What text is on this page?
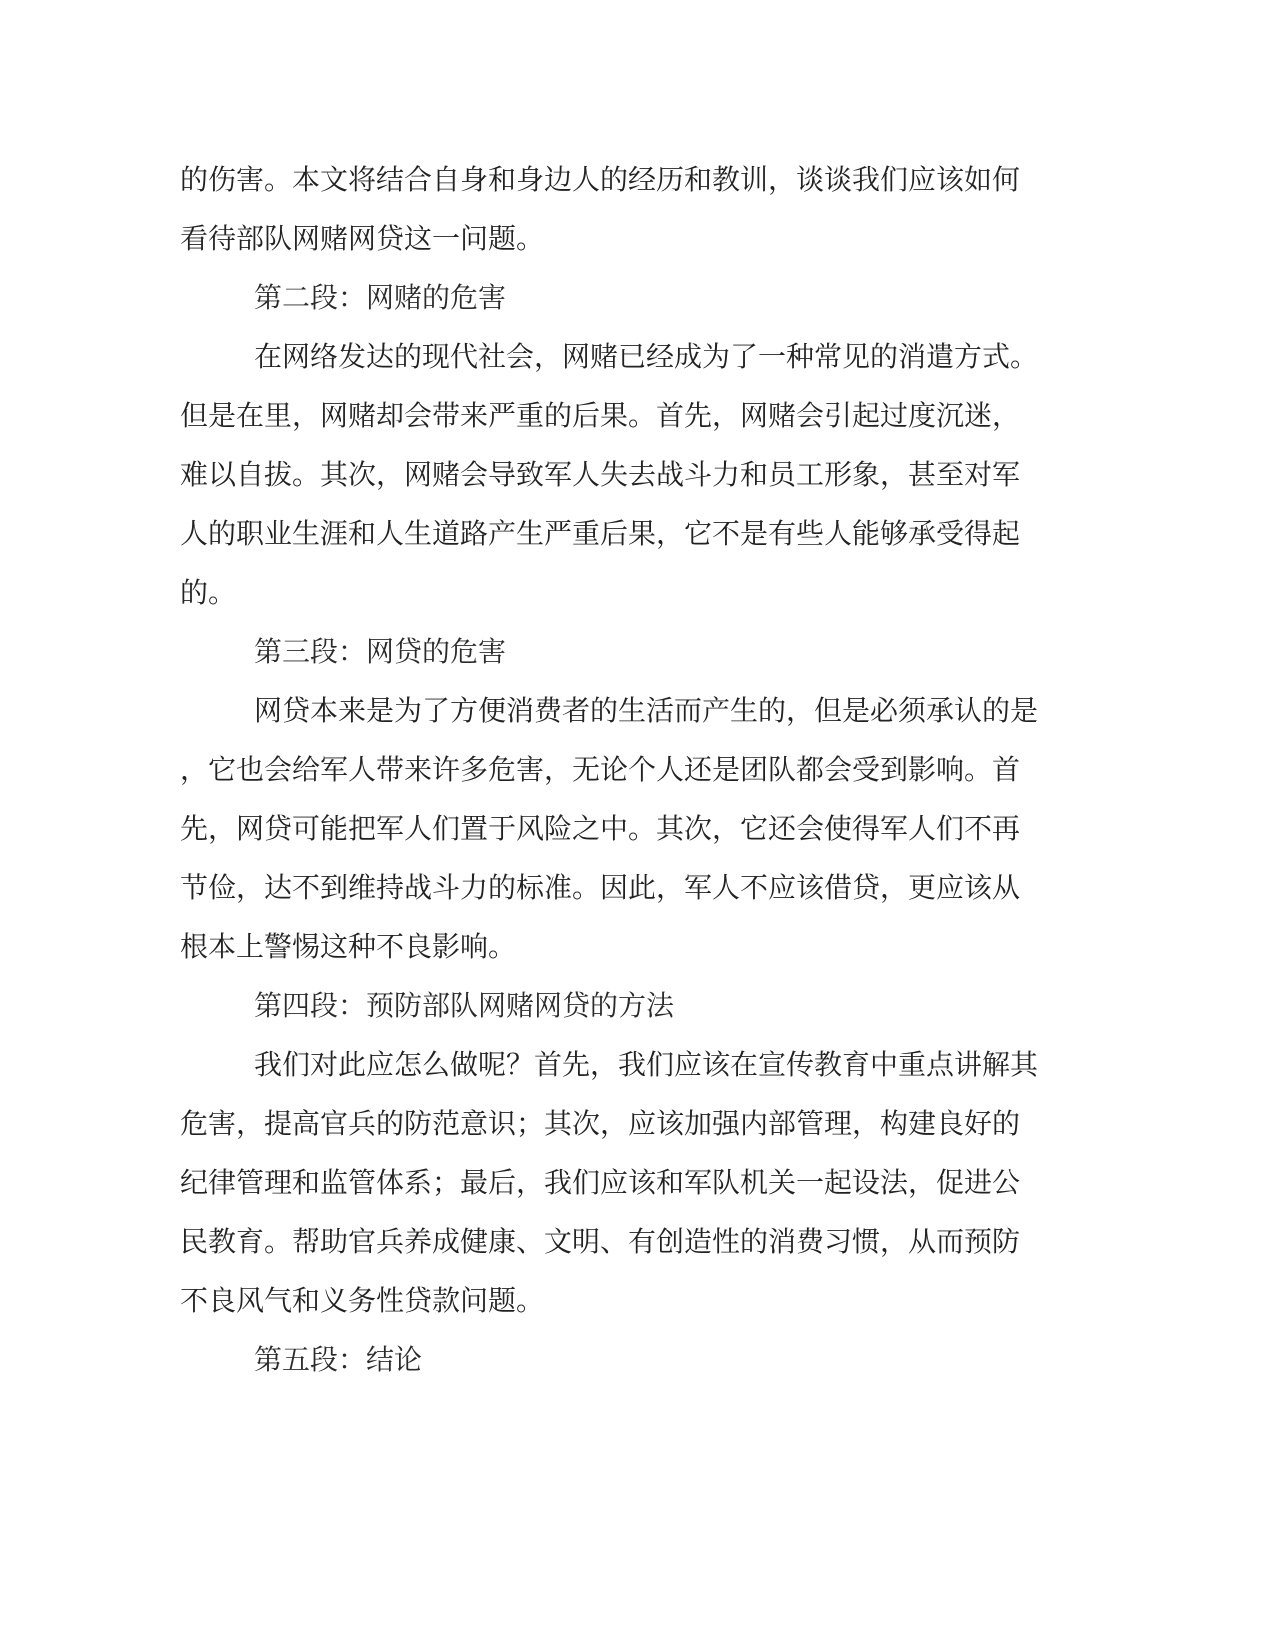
的伤害。本文将结合自身和身边人的经历和教训，谈谈我们应该如何
看待部队网赌网贷这一问题。
第二段：网赌的危害
在网络发达的现代社会，网赌已经成为了一种常见的消遣方式。
但是在里，网赌却会带来严重的后果。首先，网赌会引起过度沉迷，
难以自拔。其次，网赌会导致军人失去战斗力和员工形象，甚至对军
人的职业生涯和人生道路产生严重后果，它不是有些人能够承受得起
的。
第三段：网贷的危害
网贷本来是为了方便消费者的生活而产生的，但是必须承认的是
，它也会给军人带来许多危害，无论个人还是团队都会受到影响。首
先，网贷可能把军人们置于风险之中。其次，它还会使得军人们不再
节俭，达不到维持战斗力的标准。因此，军人不应该借贷，更应该从
根本上警惕这种不良影响。
第四段：预防部队网赌网贷的方法
我们对此应怎么做呢？首先，我们应该在宣传教育中重点讲解其
危害，提高官兵的防范意识；其次，应该加强内部管理，构建良好的
纪律管理和监管体系；最后，我们应该和军队机关一起设法，促进公
民教育。帮助官兵养成健康、文明、有创造性的消费习惯，从而预防
不良风气和义务性贷款问题。
第五段：结论
